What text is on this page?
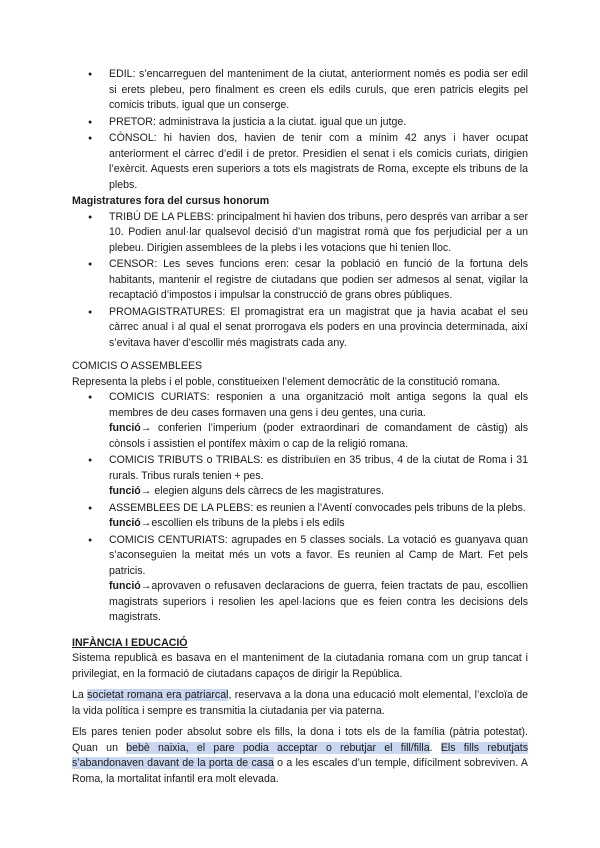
● EDIL: s’encarreguen del manteniment de la ciutat, anteriorment només es podia ser edil si erets plebeu, pero finalment es creen els edils curuls, que eren patricis elegits pel comicis tributs. igual que un conserge.
● PRETOR: administrava la justicia a la ciutat. igual que un jutge.
● CÒNSOL: hi havien dos, havien de tenir com a mínim 42 anys i haver ocupat anteriorment el càrrec d’edil i de pretor. Presidien el senat i els comicis curiats, dirigien l’exèrcit. Aquests eren superiors a tots els magistrats de Roma, excepte els tribuns de la plebs.

Magistratures fora del cursus honorum

● TRIBÚ DE LA PLEBS: principalment hi havien dos tribuns, pero després van arribar a ser 10. Podien anul·lar qualsevol decisió d’un magistrat romà que fos perjudicial per a un plebeu. Dirigien assemblees de la plebs i les votacions que hi tenien lloc.
● CENSOR: Les seves funcions eren: cesar la població en funció de la fortuna dels habitants, mantenir el registre de ciutadans que podien ser admesos al senat, vigilar la recaptació d’impostos i impulsar la construcció de grans obres públiques.
● PROMAGISTRATURES: El promagistrat era un magistrat que ja havia acabat el seu càrrec anual i al qual el senat prorrogava els poders en una provincia determinada, així s’evitava haver d’escollir més magistrats cada any.

COMICIS O ASSEMBLEES

Representa la plebs i el poble, constitueixen l’element democràtic de la constitució romana.

● COMICIS CURIATS: responien a una organització molt antiga segons la qual els membres de deu cases formaven una gens i deu gentes, una curia.
funció→ conferien l’imperium (poder extraordinari de comandament de càstig) als cònsols i assistien el pontífex màxim o cap de la religió romana.
● COMICIS TRIBUTS o TRIBALS: es distribuïen en 35 tribus, 4 de la ciutat de Roma i 31 rurals. Tribus rurals tenien + pes.
funció→ elegien alguns dels càrrecs de les magistratures.
● ASSEMBLEES DE LA PLEBS: es reunien a l’Aventí convocades pels tribuns de la plebs.
funció→escollien els tribuns de la plebs i els edils
● COMICIS CENTURIATS: agrupades en 5 classes socials. La votació es guanyava quan s’aconseguien la meitat més un vots a favor. Es reunien al Camp de Mart. Fet pels patricis.
funció→aprovaven o refusaven declaracions de guerra, feien tractats de pau, escollien magistrats superiors i resolien les apel·lacions que es feien contra les decisions dels magistrats.

INFÀNCIA I EDUCACIÓ

Sistema republicà es basava en el manteniment de la ciutadania romana com un grup tancat i privilegiat, en la formació de ciutadans capaços de dirigir la República.

La societat romana era patriarcal, reservava a la dona una educació molt elemental, l’excloïa de la vida política i sempre es transmitia la ciutadania per via paterna.

Els pares tenien poder absolut sobre els fills, la dona i tots els de la família (pàtria potestat). Quan un bebè naixia, el pare podia acceptar o rebutjar el fill/filla. Els fills rebutjats s’abandonaven davant de la porta de casa o a les escales d’un temple, difícilment sobreviven. A Roma, la mortalitat infantil era molt elevada.
